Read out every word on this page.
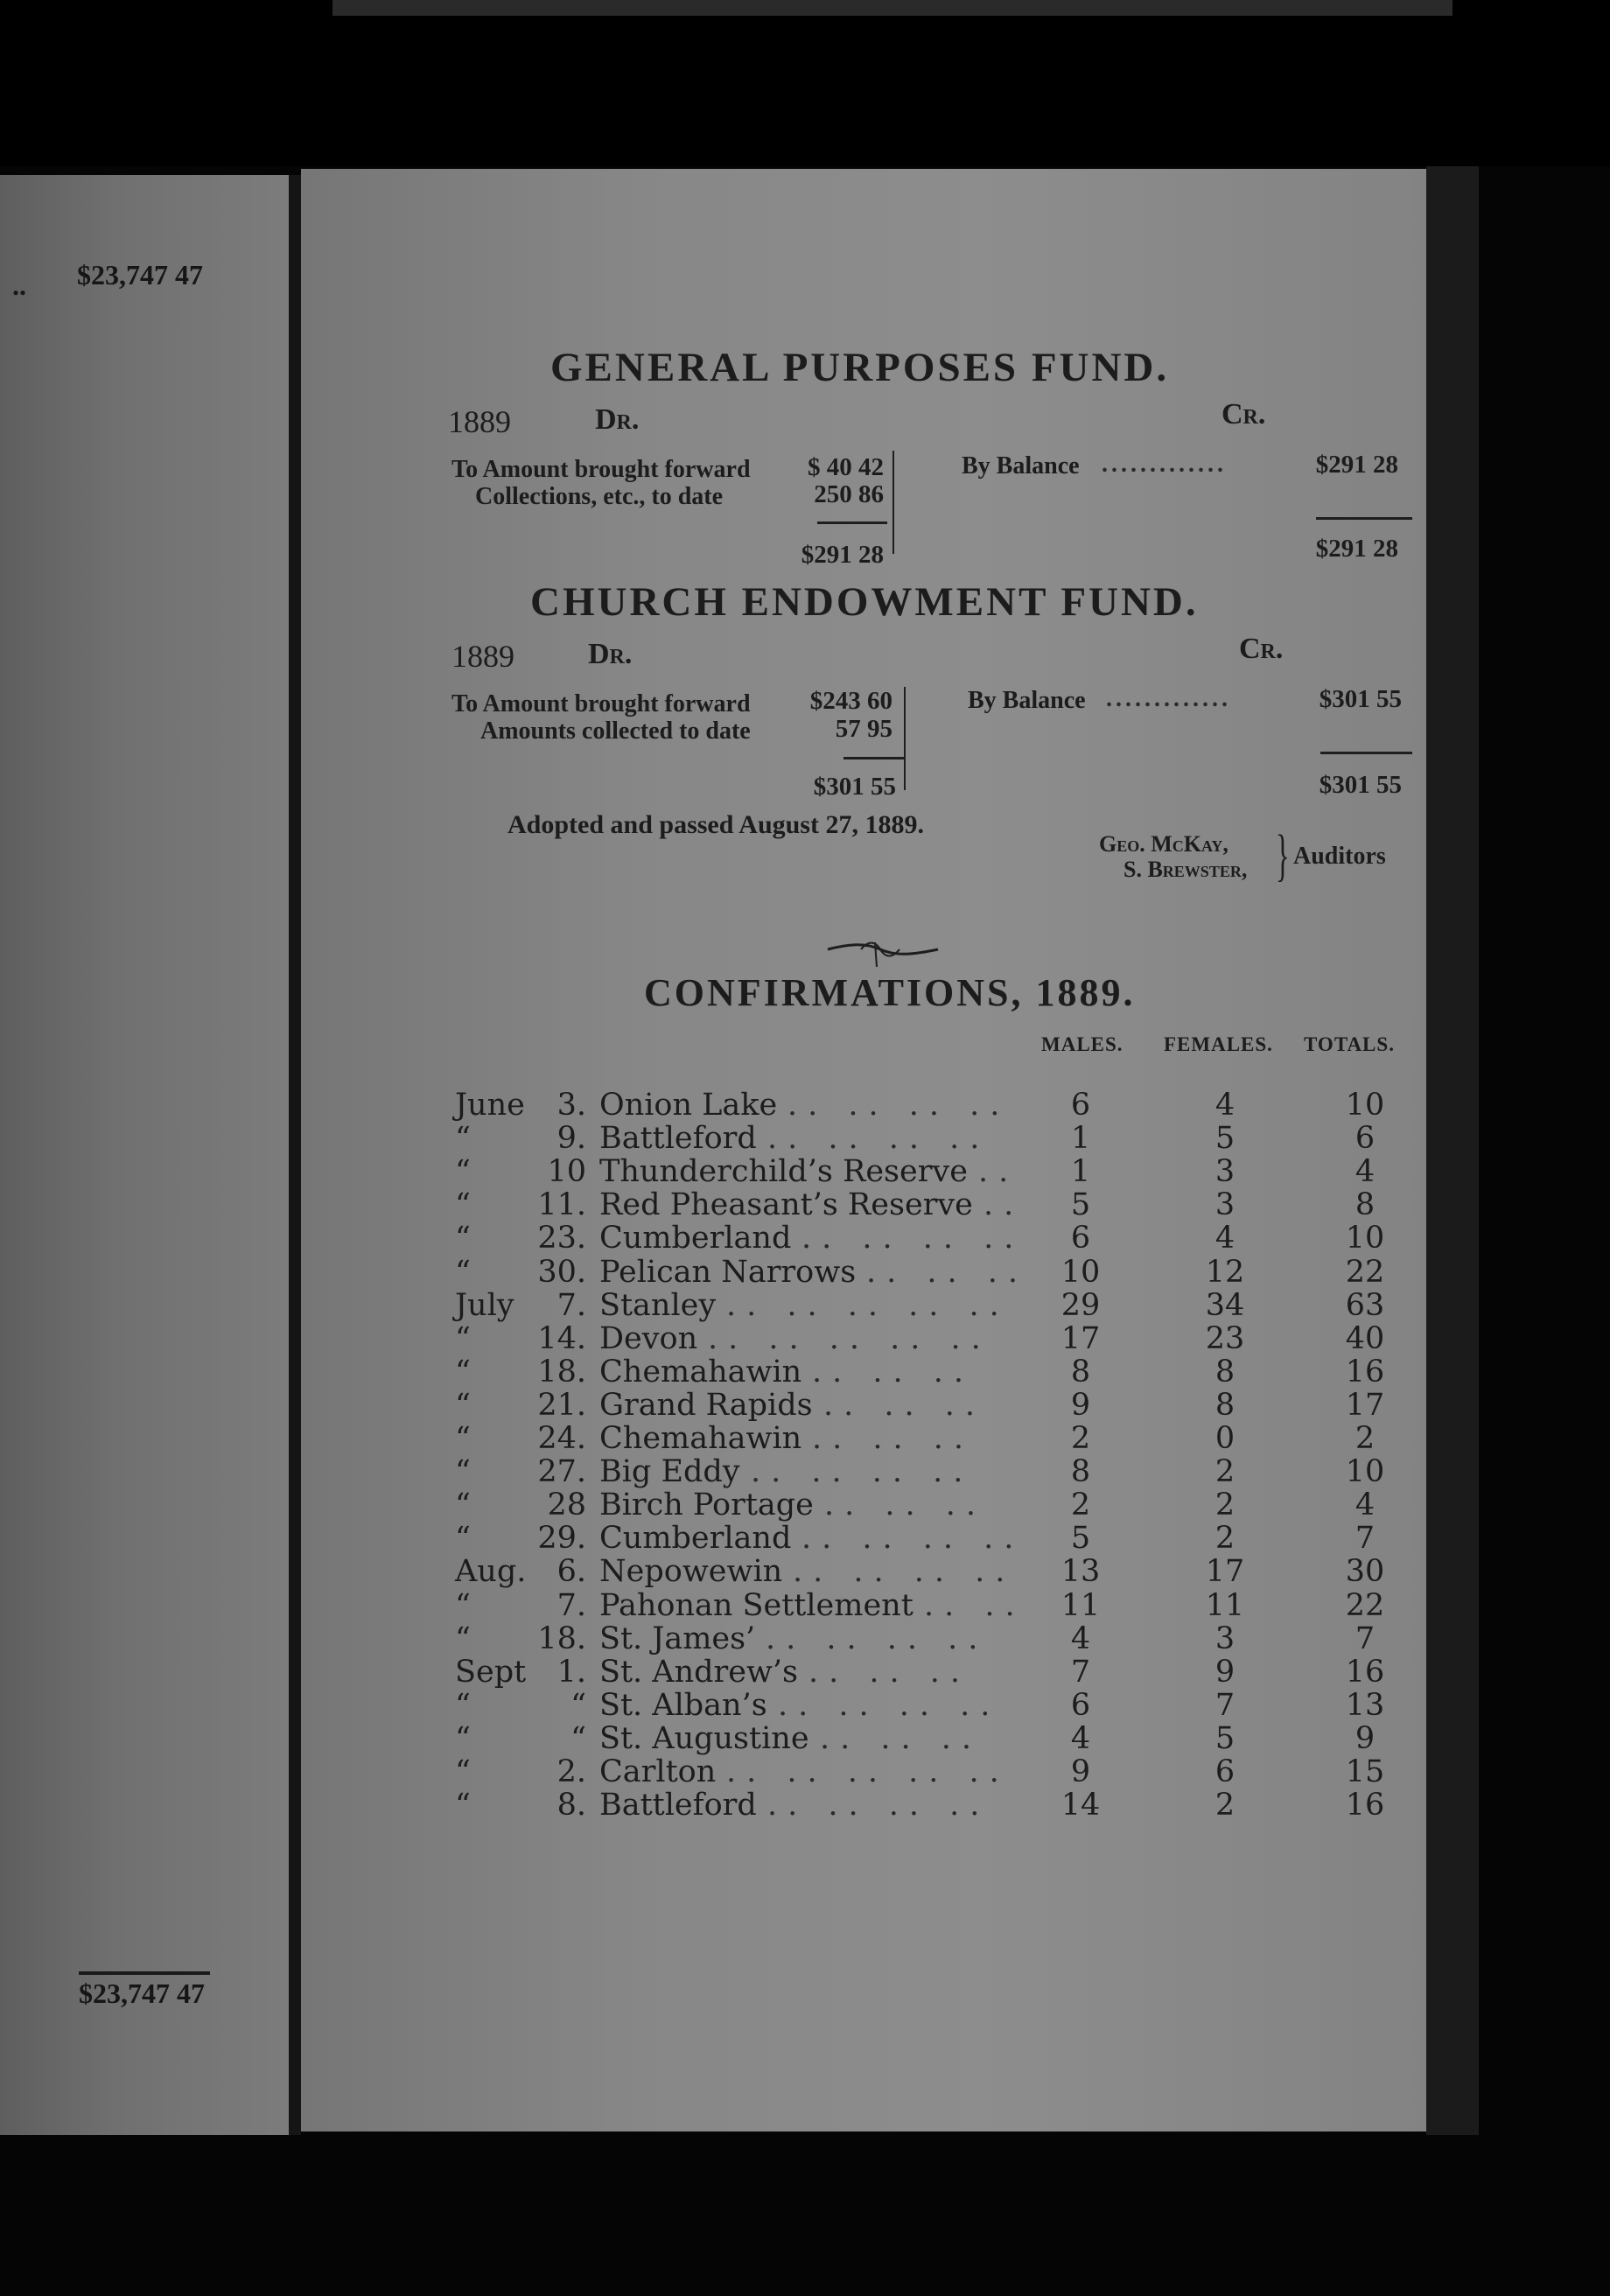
.. $23,747 47
$23,747 47
GENERAL PURPOSES FUND.
1889	Dr.	Cr.
To Amount brought forward	$ 40 42
Collections, etc., to date	250 86
$291 28
By Balance .............	$291 28
$291 28
CHURCH ENDOWMENT FUND.
1889 Dr.	Cr.
To Amount brought forward	$243 60
Amounts collected to date	57 95
$301 55
By Balance .............	$301 55
$301 55
Adopted and passed August 27, 1889.
Geo. McKay,
S. Brewster, } Auditors
CONFIRMATIONS, 1889.
MALES. FEMALES. TOTALS.
June	3. Onion Lake .. .. .. ..	6	4	10
“	9. Battleford .. .. .. ..	1	5	6
“	10 Thunderchild’s Reserve ..	1	3	4
“	11. Red Pheasant’s Reserve ..	5	3	8
“	23. Cumberland .. .. .. ..	6	4	10
“	30. Pelican Narrows .. .. ..	10	12	22
July	7. Stanley .. .. .. .. ..	29	34	63
“	14. Devon .. .. .. .. ..	17	23	40
“	18. Chemahawin .. .. ..	8	8	16
“	21. Grand Rapids .. .. ..	9	8	17
“	24. Chemahawin .. .. ..	2	0	2
“	27. Big Eddy .. .. .. ..	8	2	10
“	28 Birch Portage .. .. ..	2	2	4
“	29. Cumberland .. .. .. ..	5	2	7
Aug.	6. Nepowewin .. .. .. ..	13	17	30
“	7. Pahonan Settlement .. ..	11	11	22
“	18. St. James’ .. .. .. ..	4	3	7
Sept	1. St. Andrew’s .. .. ..	7	9	16
“	“ St. Alban’s .. .. .. ..	6	7	13
“	“ St. Augustine .. .. ..	4	5	9
“	2. Carlton .. .. .. .. ..	9	6	15
“	8. Battleford .. .. .. ..	14	2	16
